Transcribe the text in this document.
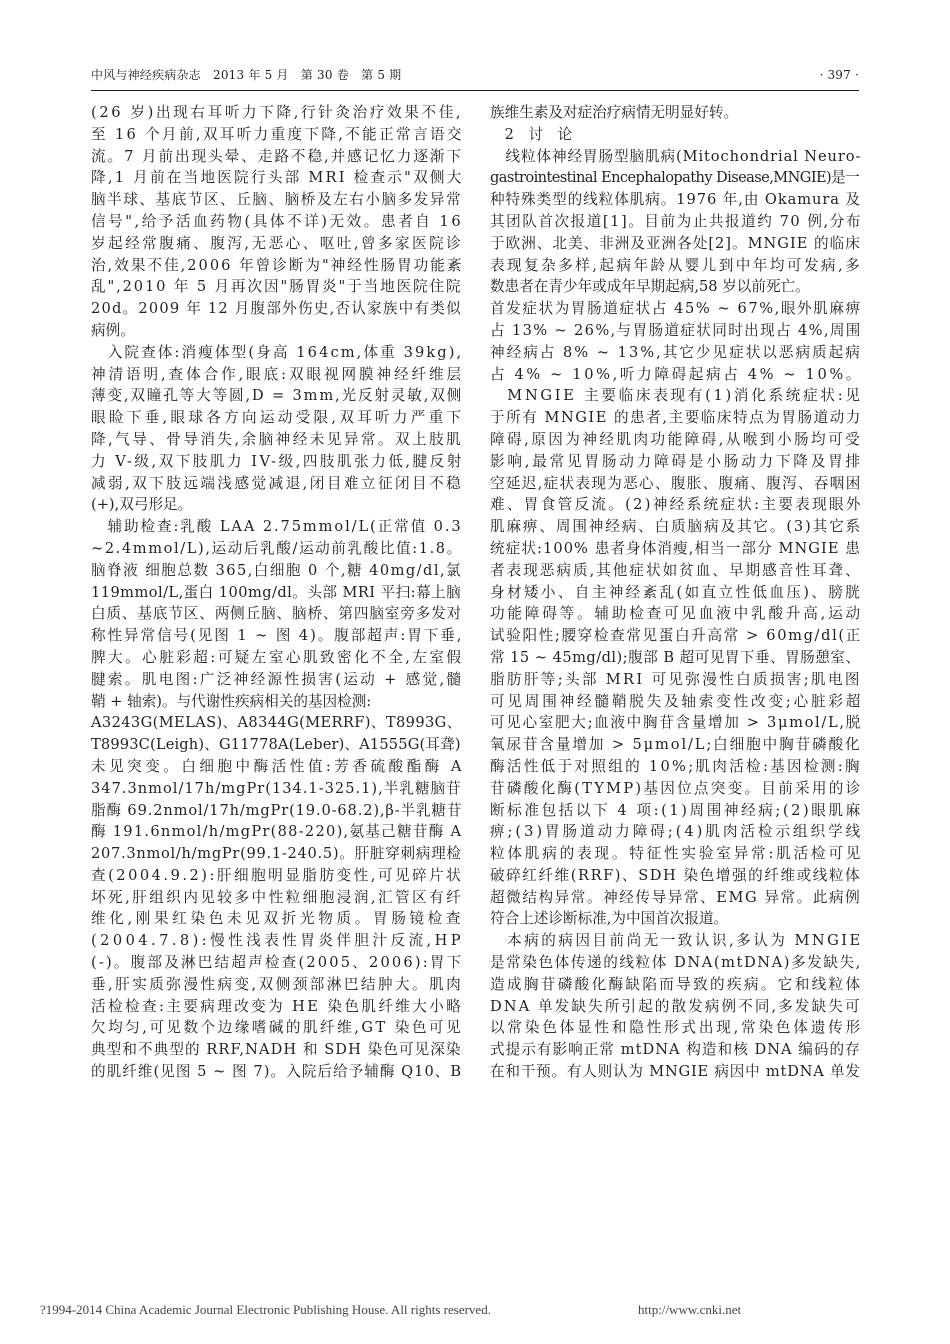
中风与神经疾病杂志　2013 年 5 月　第 30 卷　第 5 期	· 397 ·
(26 岁)出现右耳听力下降,行针灸治疗效果不佳,
至 16 个月前,双耳听力重度下降,不能正常言语交
流。7 月前出现头晕、走路不稳,并感记忆力逐渐下
降,1 月前在当地医院行头部 MRI 检查示"双侧大
脑半球、基底节区、丘脑、脑桥及左右小脑多发异常
信号",给予活血药物(具体不详)无效。患者自 16
岁起经常腹痛、腹泻,无恶心、呕吐,曾多家医院诊
治,效果不佳,2006 年曾诊断为"神经性肠胃功能紊
乱",2010 年 5 月再次因"肠胃炎"于当地医院住院
20d。2009 年 12 月腹部外伤史,否认家族中有类似
病例。
　入院查体:消瘦体型(身高 164cm,体重 39kg),
神清语明,查体合作,眼底:双眼视网膜神经纤维层
薄变,双瞳孔等大等圆,D = 3mm,光反射灵敏,双侧
眼睑下垂,眼球各方向运动受限,双耳听力严重下
降,气导、骨导消失,余脑神经未见异常。双上肢肌
力 V-级,双下肢肌力 IV-级,四肢肌张力低,腱反射
减弱,双下肢远端浅感觉减退,闭目难立征闭目不稳
(+),双弓形足。
　辅助检查:乳酸 LAA 2.75mmol/L(正常值 0.3
~2.4mmol/L),运动后乳酸/运动前乳酸比值:1.8。
脑脊液 细胞总数 365,白细胞 0 个,糖 40mg/dl,氯
119mmol/L,蛋白 100mg/dl。头部 MRI 平扫:幕上脑
白质、基底节区、两侧丘脑、脑桥、第四脑室旁多发对
称性异常信号(见图 1 ~ 图 4)。腹部超声:胃下垂,
脾大。心脏彩超:可疑左室心肌致密化不全,左室假
腱索。肌电图:广泛神经源性损害(运动 + 感觉,髓
鞘 + 轴索)。与代谢性疾病相关的基因检测:
A3243G(MELAS)、A8344G(MERRF)、T8993G、
T8993C(Leigh)、G11778A(Leber)、A1555G(耳聋)
未见突变。白细胞中酶活性值:芳香硫酸酯酶 A
347.3nmol/17h/mgPr(134.1-325.1),半乳糖脑苷
脂酶 69.2nmol/17h/mgPr(19.0-68.2),β-半乳糖苷
酶 191.6nmol/h/mgPr(88-220),氨基己糖苷酶 A
207.3nmol/h/mgPr(99.1-240.5)。肝脏穿刺病理检
查(2004.9.2):肝细胞明显脂肪变性,可见碎片状
坏死,肝组织内见较多中性粒细胞浸润,汇管区有纤
维化,刚果红染色未见双折光物质。胃肠镜检查
(2004.7.8):慢性浅表性胃炎伴胆汁反流,HP
(-)。腹部及淋巴结超声检查(2005、2006):胃下
垂,肝实质弥漫性病变,双侧颈部淋巴结肿大。肌肉
活检检查:主要病理改变为 HE 染色肌纤维大小略
欠均匀,可见数个边缘嗜碱的肌纤维,GT 染色可见
典型和不典型的 RRF,NADH 和 SDH 染色可见深染
的肌纤维(见图 5 ~ 图 7)。入院后给予辅酶 Q10、B
族维生素及对症治疗病情无明显好转。
　2　讨　论
　线粒体神经胃肠型脑肌病(Mitochondrial Neuro-
gastrointestinal Encephalopathy Disease,MNGIE)是一
种特殊类型的线粒体肌病。1976 年,由 Okamura 及
其团队首次报道[1]。目前为止共报道约 70 例,分布
于欧洲、北美、非洲及亚洲各处[2]。MNGIE 的临床
表现复杂多样,起病年龄从婴儿到中年均可发病,多
数患者在青少年或成年早期起病,58 岁以前死亡。
首发症状为胃肠道症状占 45% ~ 67%,眼外肌麻痹
占 13% ~ 26%,与胃肠道症状同时出现占 4%,周围
神经病占 8% ~ 13%,其它少见症状以恶病质起病
占 4% ~ 10%,听力障碍起病占 4% ~ 10%。
　MNGIE 主要临床表现有(1)消化系统症状:见
于所有 MNGIE 的患者,主要临床特点为胃肠道动力
障碍,原因为神经肌肉功能障碍,从喉到小肠均可受
影响,最常见胃肠动力障碍是小肠动力下降及胃排
空延迟,症状表现为恶心、腹胀、腹痛、腹泻、吞咽困
难、胃食管反流。(2)神经系统症状:主要表现眼外
肌麻痹、周围神经病、白质脑病及其它。(3)其它系
统症状:100% 患者身体消瘦,相当一部分 MNGIE 患
者表现恶病质,其他症状如贫血、早期感音性耳聋、
身材矮小、自主神经紊乱(如直立性低血压)、膀胱
功能障碍等。辅助检查可见血液中乳酸升高,运动
试验阳性;腰穿检查常见蛋白升高常 > 60mg/dl(正
常 15 ~ 45mg/dl);腹部 B 超可见胃下垂、胃肠憩室、
脂肪肝等;头部 MRI 可见弥漫性白质损害;肌电图
可见周围神经髓鞘脱失及轴索变性改变;心脏彩超
可见心室肥大;血液中胸苷含量增加 > 3μmol/L,脱
氧尿苷含量增加 > 5μmol/L;白细胞中胸苷磷酸化
酶活性低于对照组的 10%;肌肉活检:基因检测:胸
苷磷酸化酶(TYMP)基因位点突变。目前采用的诊
断标准包括以下 4 项:(1)周围神经病;(2)眼肌麻
痹;(3)胃肠道动力障碍;(4)肌肉活检示组织学线
粒体肌病的表现。特征性实验室异常:肌活检可见
破碎红纤维(RRF)、SDH 染色增强的纤维或线粒体
超微结构异常。神经传导异常、EMG 异常。此病例
符合上述诊断标准,为中国首次报道。
　本病的病因目前尚无一致认识,多认为 MNGIE
是常染色体传递的线粒体 DNA(mtDNA)多发缺失,
造成胸苷磷酸化酶缺陷而导致的疾病。它和线粒体
DNA 单发缺失所引起的散发病例不同,多发缺失可
以常染色体显性和隐性形式出现,常染色体遗传形
式提示有影响正常 mtDNA 构造和核 DNA 编码的存
在和干预。有人则认为 MNGIE 病因中 mtDNA 单发
?1994-2014 China Academic Journal Electronic Publishing House. All rights reserved.	http://www.cnki.net
